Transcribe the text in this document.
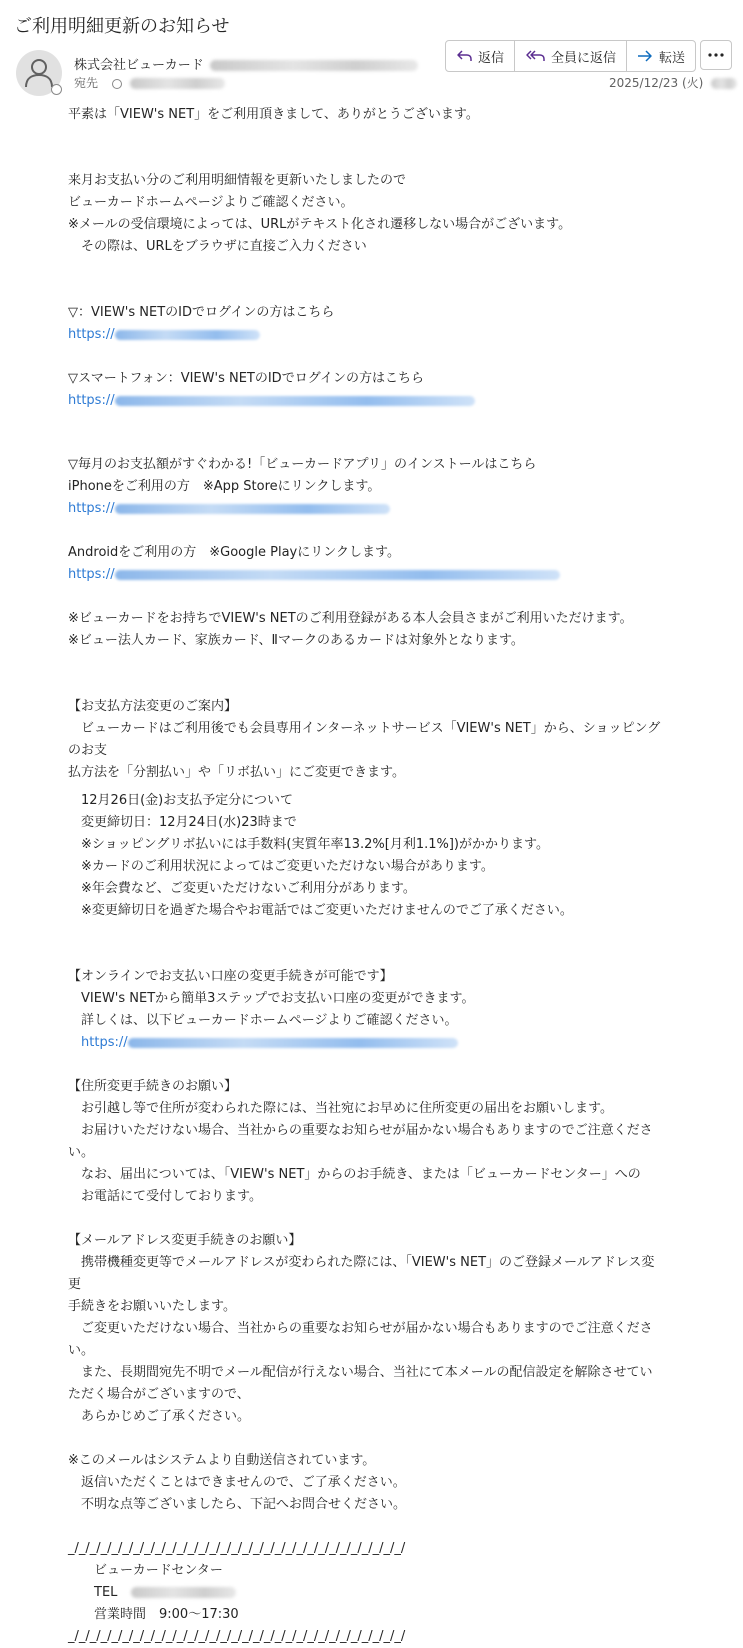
ご利用明細更新のお知らせ
株式会社ビューカード
宛先
返信	全員に返信	転送
2025/12/23 (火)

平素は「VIEW's NET」をご利用頂きまして、ありがとうございます。

来月お支払い分のご利用明細情報を更新いたしましたので

ビューカードホームページよりご確認ください。

※メールの受信環境によっては、URLがテキスト化され遷移しない場合がございます。

　その際は、URLをブラウザに直接ご入力ください

▽：VIEW's NETのIDでログインの方はこちら

https://

▽スマートフォン：VIEW's NETのIDでログインの方はこちら

https://

▽毎月のお支払額がすぐわかる!「ビューカードアプリ」のインストールはこちら

iPhoneをご利用の方　※App Storeにリンクします。

https://

Androidをご利用の方　※Google Playにリンクします。

https://

※ビューカードをお持ちでVIEW's NETのご利用登録がある本人会員さまがご利用いただけます。

※ビュー法人カード、家族カード、Ⅱマークのあるカードは対象外となります。

【お支払方法変更のご案内】

　ビューカードはご利用後でも会員専用インターネットサービス「VIEW's NET」から、ショッピングのお支

払方法を「分割払い」や「リボ払い」にご変更できます。

　12月26日(金)お支払予定分について

　変更締切日：12月24日(水)23時まで

　※ショッピングリボ払いには手数料(実質年率13.2%[月利1.1%])がかかります。

　※カードのご利用状況によってはご変更いただけない場合があります。

　※年会費など、ご変更いただけないご利用分があります。

　※変更締切日を過ぎた場合やお電話ではご変更いただけませんのでご了承ください。

【オンラインでお支払い口座の変更手続きが可能です】

　VIEW's NETから簡単3ステップでお支払い口座の変更ができます。

　詳しくは、以下ビューカードホームページよりご確認ください。

　https://

【住所変更手続きのお願い】

　お引越し等で住所が変わられた際には、当社宛にお早めに住所変更の届出をお願いします。

　お届けいただけない場合、当社からの重要なお知らせが届かない場合もありますのでご注意くださ

い。

　なお、届出については、「VIEW's NET」からのお手続き、または「ビューカードセンター」への

　お電話にて受付しております。

【メールアドレス変更手続きのお願い】

　携帯機種変更等でメールアドレスが変わられた際には、「VIEW's NET」のご登録メールアドレス変更

手続きをお願いいたします。

　ご変更いただけない場合、当社からの重要なお知らせが届かない場合もありますのでご注意くださ

い。

　また、長期間宛先不明でメール配信が行えない場合、当社にて本メールの配信設定を解除させてい

ただく場合がございますので、

　あらかじめご了承ください。

※このメールはシステムより自動送信されています。

　返信いただくことはできませんので、ご了承ください。

　不明な点等ございましたら、下記へお問合せください。

_/_/_/_/_/_/_/_/_/_/_/_/_/_/_/_/_/_/_/_/_/_/_/_/_/_/_/_/_/_/_/

　　ビューカードセンター

　　TEL

　　営業時間　9:00〜17:30

_/_/_/_/_/_/_/_/_/_/_/_/_/_/_/_/_/_/_/_/_/_/_/_/_/_/_/_/_/_/_/
